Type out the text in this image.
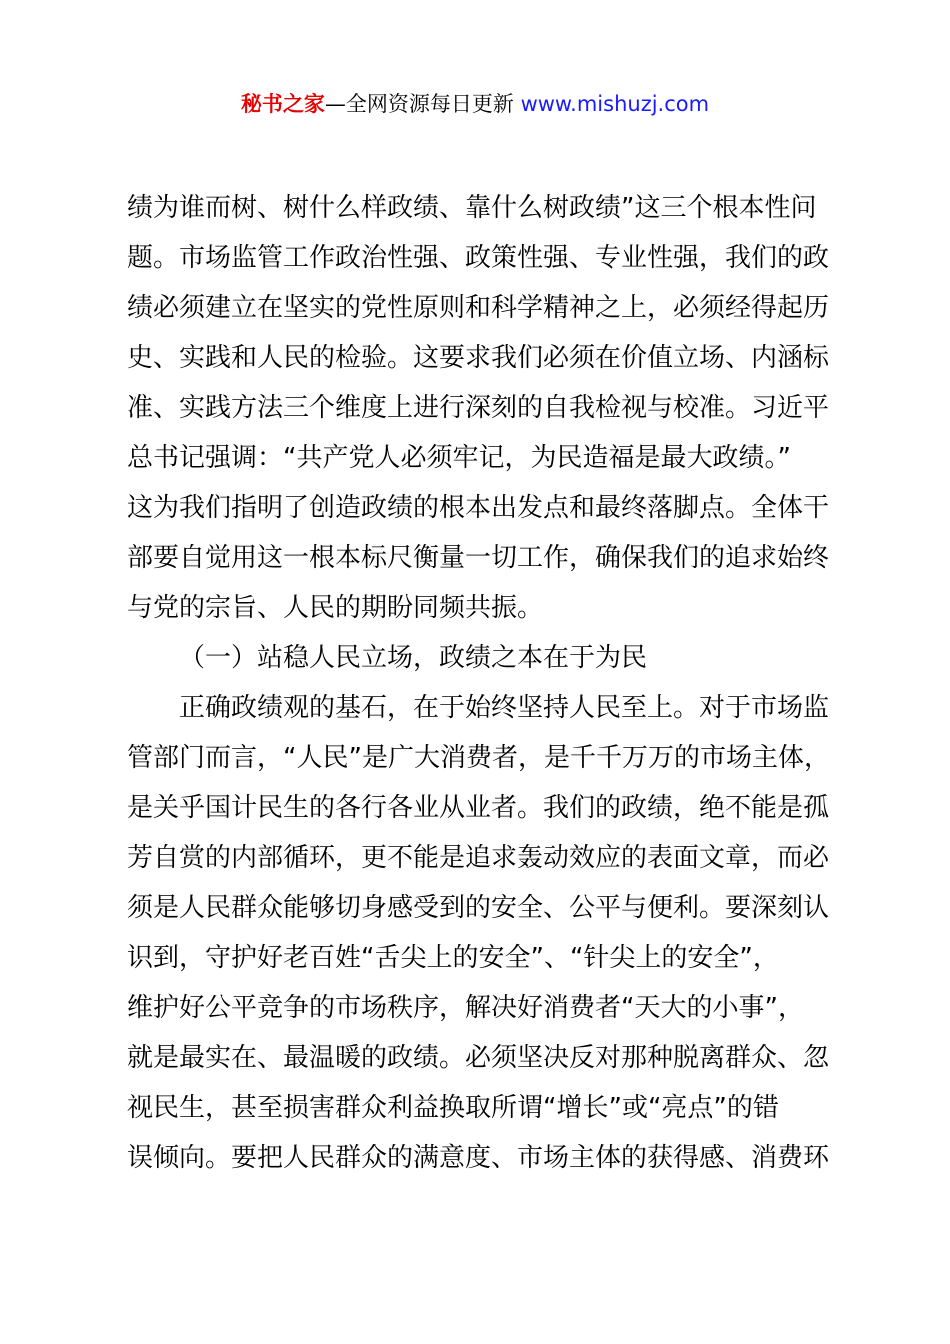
秘书之家—全网资源每日更新 www.mishuzj.com
绩为谁而树、树什么样政绩、靠什么树政绩”这三个根本性问
题。市场监管工作政治性强、政策性强、专业性强，我们的政
绩必须建立在坚实的党性原则和科学精神之上，必须经得起历
史、实践和人民的检验。这要求我们必须在价值立场、内涵标
准、实践方法三个维度上进行深刻的自我检视与校准。习近平
总书记强调：“共产党人必须牢记，为民造福是最大政绩。”
这为我们指明了创造政绩的根本出发点和最终落脚点。全体干
部要自觉用这一根本标尺衡量一切工作，确保我们的追求始终
与党的宗旨、人民的期盼同频共振。
（一）站稳人民立场，政绩之本在于为民
正确政绩观的基石，在于始终坚持人民至上。对于市场监
管部门而言，“人民”是广大消费者，是千千万万的市场主体，
是关乎国计民生的各行各业从业者。我们的政绩，绝不能是孤
芳自赏的内部循环，更不能是追求轰动效应的表面文章，而必
须是人民群众能够切身感受到的安全、公平与便利。要深刻认
识到，守护好老百姓“舌尖上的安全”、“针尖上的安全”，
维护好公平竞争的市场秩序，解决好消费者“天大的小事”，
就是最实在、最温暖的政绩。必须坚决反对那种脱离群众、忽
视民生，甚至损害群众利益换取所谓“增长”或“亮点”的错
误倾向。要把人民群众的满意度、市场主体的获得感、消费环
